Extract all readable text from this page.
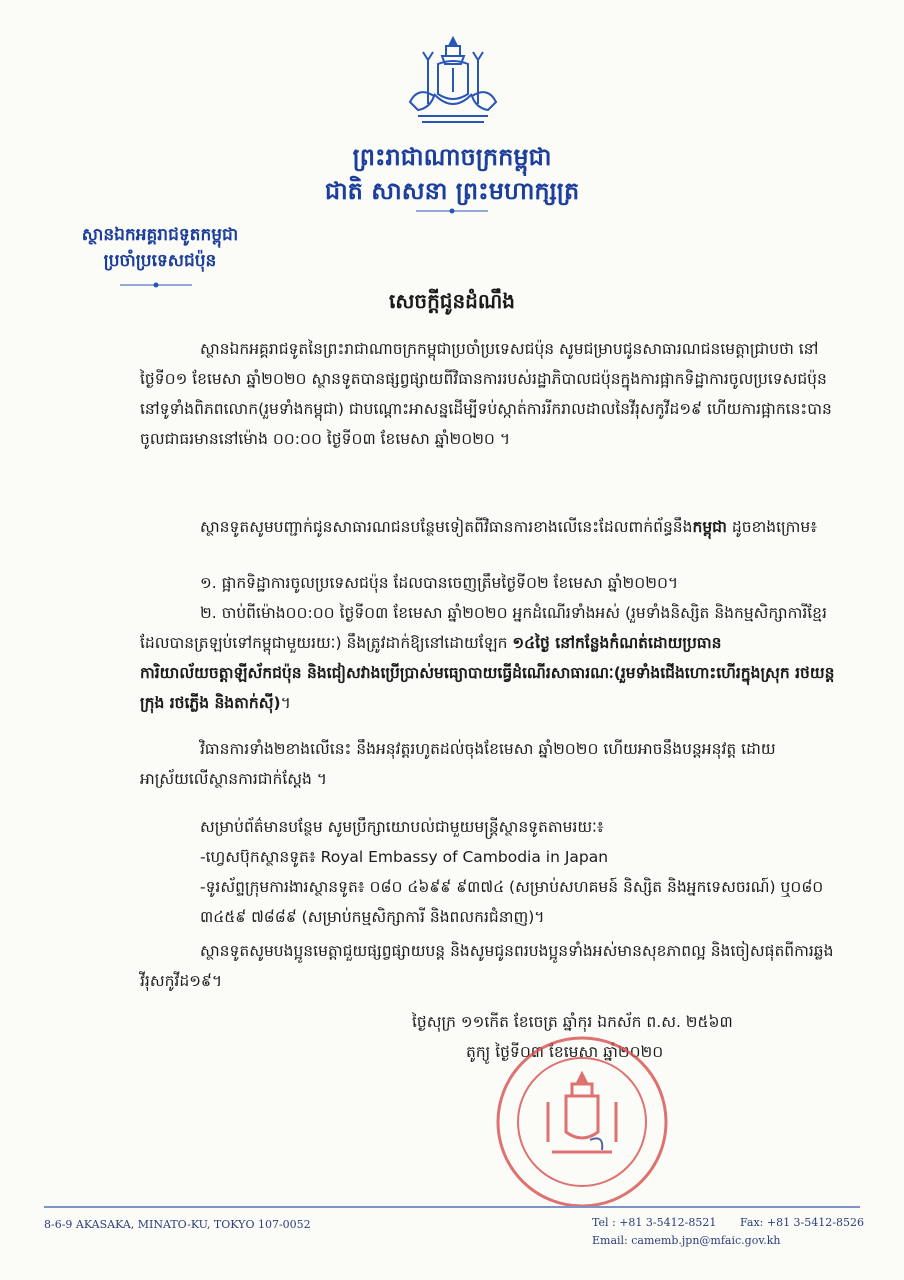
ព្រះរាជាណាចក្រកម្ពុជា
ជាតិ សាសនា ព្រះមហាក្សត្រ
ស្ថានឯកអគ្គរាជទូតកម្ពុជា
ប្រចាំប្រទេសជប៉ុន
សេចក្ដីជូនដំណឹង

ស្ថានឯកអគ្គរាជទូតនៃព្រះរាជាណាចក្រកម្ពុជាប្រចាំប្រទេសជប៉ុន សូមជម្រាបជូនសាធារណជនមេត្តាជ្រាបថា នៅថ្ងៃទី០១ ខែមេសា ឆ្នាំ២០២០ ស្ថានទូតបានផ្សព្វផ្សាយពីវិធានការរបស់រដ្ឋាភិបាលជប៉ុនក្នុងការផ្អាកទិដ្ឋាការចូលប្រទេសជប៉ុន នៅទូទាំងពិភពលោក(រួមទាំងកម្ពុជា) ជាបណ្ដោះអាសន្នដើម្បីទប់ស្កាត់ការរីករាលដាលនៃវីរុសកូវីដ១៩ ហើយការផ្អាកនេះបានចូលជាធរមាននៅម៉ោង ០០:០០ ថ្ងៃទី០៣ ខែមេសា ឆ្នាំ២០២០ ។

ស្ថានទូតសូមបញ្ជាក់ជូនសាធារណជនបន្ថែមទៀតពីវិធានការខាងលើនេះដែលពាក់ព័ន្ធនឹងកម្ពុជា ដូចខាងក្រោម៖

១. ផ្អាកទិដ្ឋាការចូលប្រទេសជប៉ុន ដែលបានចេញត្រឹមថ្ងៃទី០២ ខែមេសា ឆ្នាំ២០២០។

២. ចាប់ពីម៉ោង០០:០០ ថ្ងៃទី០៣ ខែមេសា ឆ្នាំ២០២០ អ្នកដំណើរទាំងអស់ (រួមទាំងនិស្សិត និងកម្មសិក្សាការីខ្មែរ ដែលបានត្រឡប់ទៅកម្ពុជាមួយរយៈ) នឹងត្រូវដាក់ឱ្យនៅដោយឡែក ១៤ថ្ងៃ នៅកន្លែងកំណត់ដោយប្រធានការិយាល័យចត្តាឡីស័កជប៉ុន និងជៀសវាងប្រើប្រាស់មធ្យោបាយធ្វើដំណើរសាធារណៈ(រួមទាំងជើងហោះហើរក្នុងស្រុក រថយន្តក្រុង រថភ្លើង និងតាក់ស៊ី)។

វិធានការទាំង២ខាងលើនេះ នឹងអនុវត្តរហូតដល់ចុងខែមេសា ឆ្នាំ២០២០ ហើយអាចនឹងបន្តអនុវត្ត ដោយអាស្រ័យលើស្ថានការជាក់ស្ដែង ។

សម្រាប់ព័ត៌មានបន្ថែម សូមប្រឹក្សាយោបល់ជាមួយមន្ត្រីស្ថានទូតតាមរយៈ៖
-ហ្វេសប៊ុកស្ថានទូត៖ Royal Embassy of Cambodia in Japan
-ទូរស័ព្ទក្រុមការងារស្ថានទូត៖ ០៨០ ៤៦៩៩ ៩៣៧៤ (សម្រាប់សហគមន៍ និស្សិត និងអ្នកទេសចរណ៍) ឬ០៨០ ៣៤៥៩ ៧៨៨៩ (សម្រាប់កម្មសិក្សាការី និងពលករជំនាញ)។

ស្ថានទូតសូមបងប្អូនមេត្តាជួយផ្សព្វផ្សាយបន្ត និងសូមជូនពរបងប្អូនទាំងអស់មានសុខភាពល្អ និងចៀសផុតពីការឆ្លងវីរុសកូវីដ១៩។

ថ្ងៃសុក្រ ១១កើត ខែចេត្រ ឆ្នាំកុរ ឯកស័ក ព.ស. ២៥៦៣
តូក្យូ ថ្ងៃទី០៣ ខែមេសា ឆ្នាំ២០២០
8-6-9 AKASAKA, MINATO-KU, TOKYO 107-0052	Tel : +81 3-5412-8521 Fax: +81 3-5412-8526
Email: camemb.jpn@mfaic.gov.kh
